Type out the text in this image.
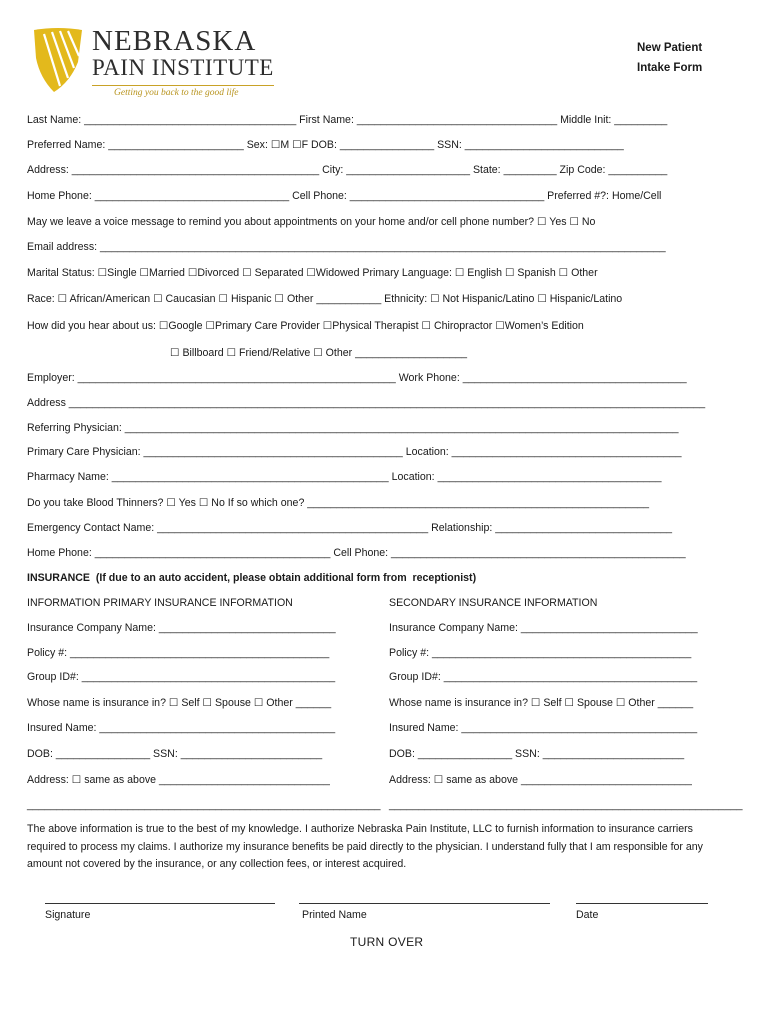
NEBRASKA
PAIN INSTITUTE
Getting you back to the good life
New Patient
Intake Form
Last Name: ____________________________________ First Name: __________________________________ Middle Init: _________
Preferred Name: _______________________ Sex: ☐M ☐F DOB: ________________ SSN: ___________________________
Address: __________________________________________ City: _____________________ State: _________ Zip Code: __________
Home Phone: _________________________________ Cell Phone: _________________________________ Preferred #?: Home/Cell
May we leave a voice message to remind you about appointments on your home and/or cell phone number? ☐ Yes ☐ No
Email address: ________________________________________________________________________________________________
Marital Status: ☐Single ☐Married ☐Divorced ☐ Separated ☐Widowed Primary Language: ☐ English ☐ Spanish ☐ Other
Race: ☐ African/American ☐ Caucasian ☐ Hispanic ☐ Other ___________ Ethnicity: ☐ Not Hispanic/Latino ☐ Hispanic/Latino
How did you hear about us: ☐Google ☐Primary Care Provider ☐Physical Therapist ☐ Chiropractor ☐Women’s Edition
☐ Billboard ☐ Friend/Relative ☐ Other ___________________
Employer: ______________________________________________________ Work Phone: ______________________________________
Address ____________________________________________________________________________________________________________
Referring Physician: ______________________________________________________________________________________________
Primary Care Physician: ____________________________________________ Location: _______________________________________
Pharmacy Name: _______________________________________________ Location: ______________________________________
Do you take Blood Thinners? ☐ Yes ☐ No If so which one? __________________________________________________________
Emergency Contact Name: ______________________________________________ Relationship: ______________________________
Home Phone: ________________________________________ Cell Phone: __________________________________________________
INSURANCE  (If due to an auto accident, please obtain additional form from  receptionist)
INFORMATION PRIMARY INSURANCE INFORMATION
Insurance Company Name: ______________________________
Policy #: ____________________________________________
Group ID#: ___________________________________________
Whose name is insurance in? ☐ Self ☐ Spouse ☐ Other ______
Insured Name: ________________________________________
DOB: ________________ SSN: ________________________
Address: ☐ same as above _____________________________
____________________________________________________________
SECONDARY INSURANCE INFORMATION
Insurance Company Name: ______________________________
Policy #: ____________________________________________
Group ID#: ___________________________________________
Whose name is insurance in? ☐ Self ☐ Spouse ☐ Other ______
Insured Name: ________________________________________
DOB: ________________ SSN: ________________________
Address: ☐ same as above _____________________________
____________________________________________________________
The above information is true to the best of my knowledge. I authorize Nebraska Pain Institute, LLC to furnish information to insurance carriers required to process my claims. I authorize my insurance benefits be paid directly to the physician. I understand fully that I am responsible for any amount not covered by the insurance, or any collection fees, or interest acquired.
Signature	Printed Name	Date
TURN OVER
